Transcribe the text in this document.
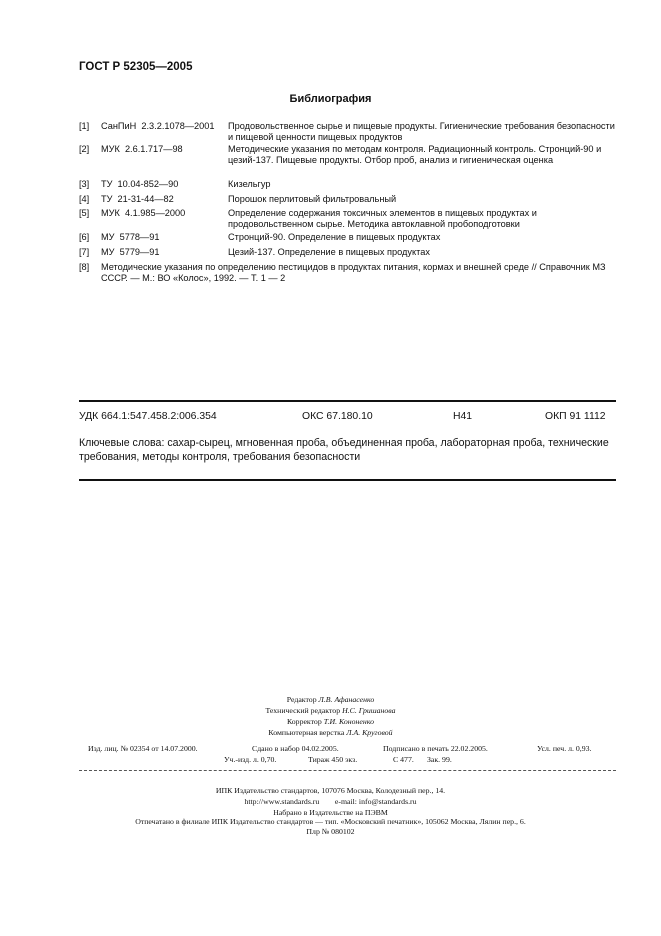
ГОСТ Р 52305—2005
Библиография
[1] СанПиН  2.3.2.1078—2001 Продовольственное сырье и пищевые продукты. Гигиенические требования безопасности и пищевой ценности пищевых продуктов
[2] МУК  2.6.1.717—98	Методические указания по методам контроля. Радиационный контроль. Стронций-90 и цезий-137. Пищевые продукты. Отбор проб, анализ и гигиеническая оценка
[3] ТУ  10.04-852—90	Кизельгур
[4] ТУ  21-31-44—82	Порошок перлитовый фильтровальный
[5] МУК  4.1.985—2000	Определение содержания токсичных элементов в пищевых продуктах и продовольственном сырье. Методика автоклавной пробоподготовки
[6] МУ  5778—91	Стронций-90. Определение в пищевых продуктах
[7] МУ  5779—91	Цезий-137. Определение в пищевых продуктах
[8] Методические указания по определению пестицидов в продуктах питания, кормах и внешней среде // Справочник МЗ СССР. — М.: ВО «Колос», 1992. — Т. 1 — 2
УДК 664.1:547.458.2:006.354	ОКС 67.180.10	Н41	ОКП 91 1112
Ключевые слова: сахар-сырец, мгновенная проба, объединенная проба, лабораторная проба, технические требования, методы контроля, требования безопасности
Редактор Л.В. Афанасенко
Технический редактор Н.С. Гришанова
Корректор Т.И. Кононенко
Компьютерная верстка Л.А. Круговой
Изд. лиц. № 02354 от 14.07.2000.	Сдано в набор 04.02.2005.	Подписано в печать 22.02.2005.	Усл. печ. л. 0,93.
Уч.-изд. л. 0,70.	Тираж 450 экз.	С 477. Зак. 99.
ИПК Издательство стандартов, 107076 Москва, Колодезный пер., 14.
http://www.standards.ru e-mail: info@standards.ru
Набрано в Издательстве на ПЭВМ
Отпечатано в филиале ИПК Издательство стандартов — тип. «Московский печатник», 105062 Москва, Лялин пер., 6.
Плр № 080102
